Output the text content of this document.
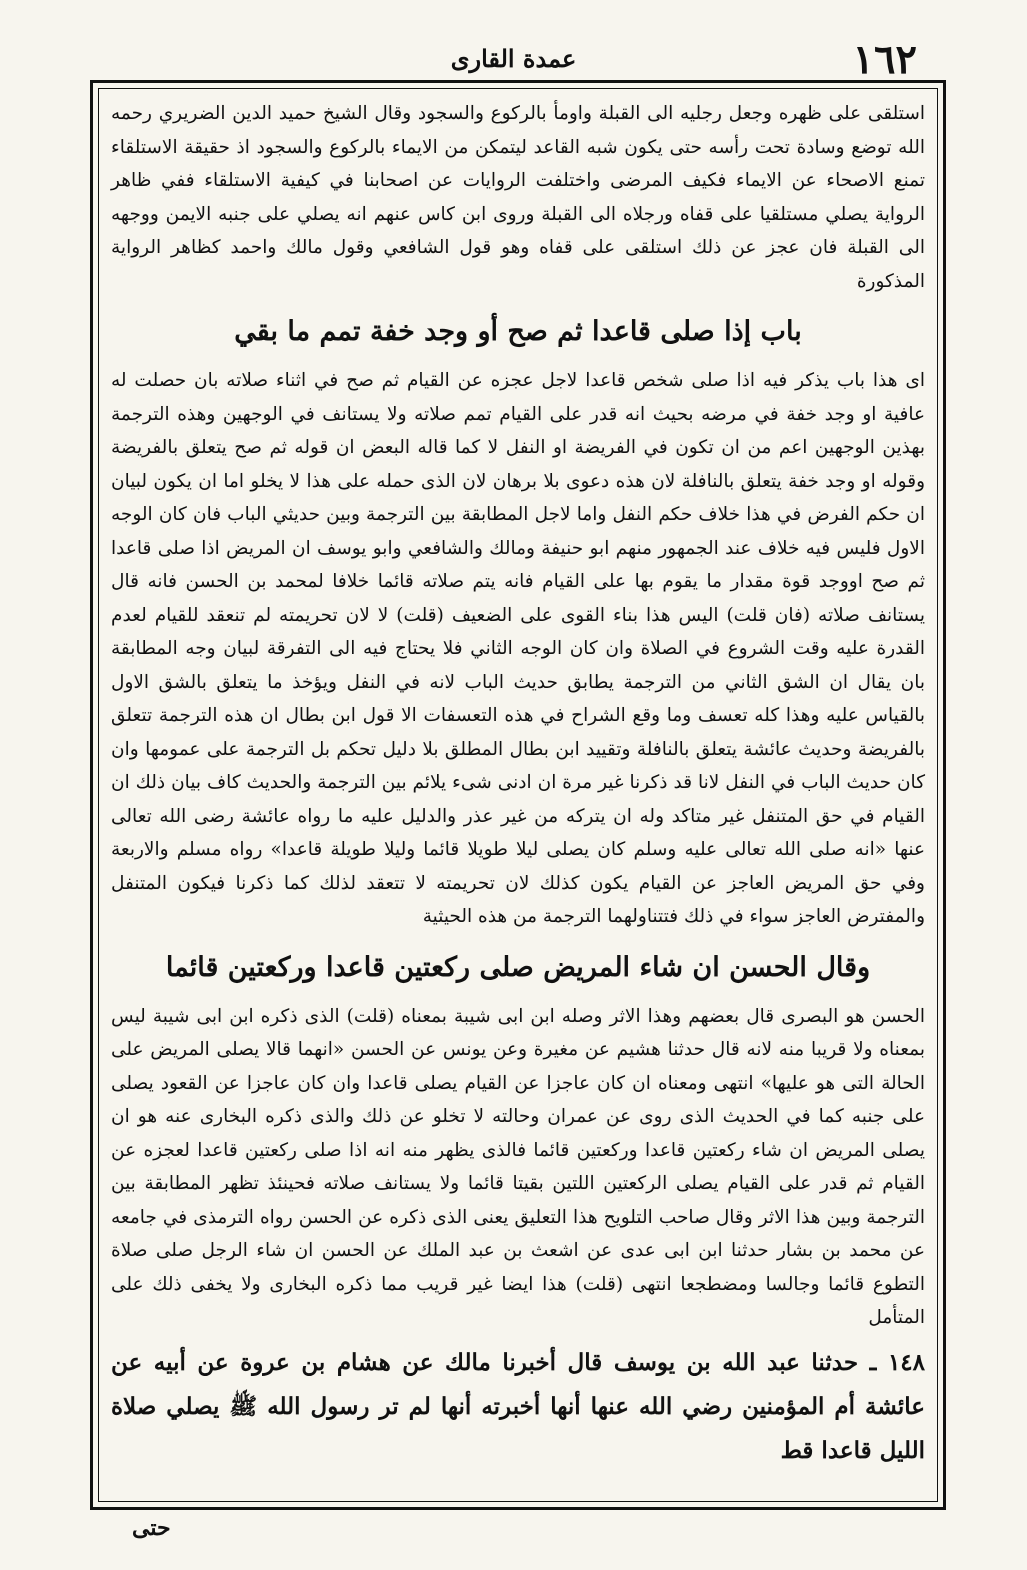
عمدة القاری	١٦٢

استلقى على ظهره وجعل رجليه الى القبلة واومأ بالركوع والسجود وقال الشيخ حميد الدين الضريري رحمه الله توضع وسادة تحت رأسه حتى يكون شبه القاعد ليتمكن من الايماء بالركوع والسجود اذ حقيقة الاستلقاء تمنع الاصحاء عن الايماء فكيف المرضى واختلفت الروايات عن اصحابنا في كيفية الاستلقاء ففي ظاهر الرواية يصلي مستلقيا على قفاه ورجلاه الى القبلة وروى ابن كاس عنهم انه يصلي على جنبه الايمن ووجهه الى القبلة فان عجز عن ذلك استلقى على قفاه وهو قول الشافعي وقول مالك واحمد كظاهر الرواية المذكورة

باب إذا صلى قاعدا ثم صح أو وجد خفة تمم ما بقي

اى هذا باب يذكر فيه اذا صلى شخص قاعدا لاجل عجزه عن القيام ثم صح في اثناء صلاته بان حصلت له عافية او وجد خفة في مرضه بحيث انه قدر على القيام تمم صلاته ولا يستانف في الوجهين وهذه الترجمة بهذين الوجهين اعم من ان تكون في الفريضة او النفل لا كما قاله البعض ان قوله ثم صح يتعلق بالفريضة وقوله او وجد خفة يتعلق بالنافلة لان هذه دعوى بلا برهان لان الذى حمله على هذا لا يخلو اما ان يكون لبيان ان حكم الفرض في هذا خلاف حكم النفل واما لاجل المطابقة بين الترجمة وبين حديثي الباب فان كان الوجه الاول فليس فيه خلاف عند الجمهور منهم ابو حنيفة ومالك والشافعي وابو يوسف ان المريض اذا صلى قاعدا ثم صح اووجد قوة مقدار ما يقوم بها على القيام فانه يتم صلاته قائما خلافا لمحمد بن الحسن فانه قال يستانف صلاته (فان قلت) اليس هذا بناء القوى على الضعيف (قلت) لا لان تحريمته لم تنعقد للقيام لعدم القدرة عليه وقت الشروع في الصلاة وان كان الوجه الثاني فلا يحتاج فيه الى التفرقة لبيان وجه المطابقة بان يقال ان الشق الثاني من الترجمة يطابق حديث الباب لانه في النفل ويؤخذ ما يتعلق بالشق الاول بالقياس عليه وهذا كله تعسف وما وقع الشراح في هذه التعسفات الا قول ابن بطال ان هذه الترجمة تتعلق بالفريضة وحديث عائشة يتعلق بالنافلة وتقييد ابن بطال المطلق بلا دليل تحكم بل الترجمة على عمومها وان كان حديث الباب في النفل لانا قد ذكرنا غير مرة ان ادنى شىء يلائم بين الترجمة والحديث كاف بيان ذلك ان القيام في حق المتنفل غير متاكد وله ان يتركه من غير عذر والدليل عليه ما رواه عائشة رضى الله تعالى عنها «انه صلى الله تعالى عليه وسلم كان يصلى ليلا طويلا قائما وليلا طويلة قاعدا» رواه مسلم والاربعة وفي حق المريض العاجز عن القيام يكون كذلك لان تحريمته لا تتعقد لذلك كما ذكرنا فيكون المتنفل والمفترض العاجز سواء في ذلك فتتناولهما الترجمة من هذه الحيثية

وقال الحسن ان شاء المريض صلى ركعتين قاعدا وركعتين قائما

الحسن هو البصرى قال بعضهم وهذا الاثر وصله ابن ابى شيبة بمعناه (قلت) الذى ذكره ابن ابى شيبة ليس بمعناه ولا قريبا منه لانه قال حدثنا هشيم عن مغيرة وعن يونس عن الحسن «انهما قالا يصلى المريض على الحالة التى هو عليها» انتهى ومعناه ان كان عاجزا عن القيام يصلى قاعدا وان كان عاجزا عن القعود يصلى على جنبه كما في الحديث الذى روى عن عمران وحالته لا تخلو عن ذلك والذى ذكره البخارى عنه هو ان يصلى المريض ان شاء ركعتين قاعدا وركعتين قائما فالذى يظهر منه انه اذا صلى ركعتين قاعدا لعجزه عن القيام ثم قدر على القيام يصلى الركعتين اللتين بقيتا قائما ولا يستانف صلاته فحينئذ تظهر المطابقة بين الترجمة وبين هذا الاثر وقال صاحب التلويح هذا التعليق يعنى الذى ذكره عن الحسن رواه الترمذى في جامعه عن محمد بن بشار حدثنا ابن ابى عدى عن اشعث بن عبد الملك عن الحسن ان شاء الرجل صلى صلاة التطوع قائما وجالسا ومضطجعا انتهى (قلت) هذا ايضا غير قريب مما ذكره البخارى ولا يخفى ذلك على المتأمل

١٤٨ ـ حدثنا عبد الله بن يوسف قال أخبرنا مالك عن هشام بن عروة عن أبيه عن عائشة أم المؤمنين رضي الله عنها أنها أخبرته أنها لم تر رسول الله ﷺ يصلي صلاة الليل قاعدا قط

حتى
